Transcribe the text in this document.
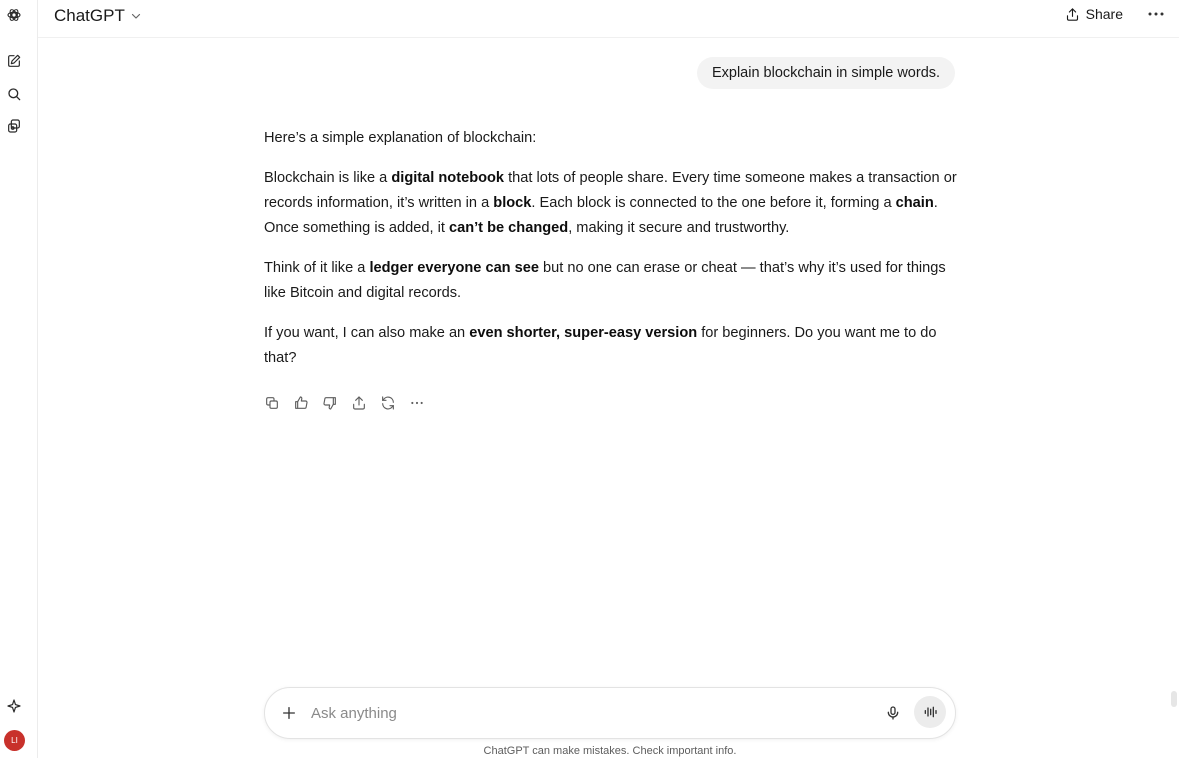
LI
ChatGPT	Share
Explain blockchain in simple words.

Here’s a simple explanation of blockchain:

Blockchain is like a digital notebook that lots of people share. Every time someone makes a transaction or records information, it’s written in a block. Each block is connected to the one before it, forming a chain. Once something is added, it can’t be changed, making it secure and trustworthy.

Think of it like a ledger everyone can see but no one can erase or cheat — that’s why it’s used for things like Bitcoin and digital records.

If you want, I can also make an even shorter, super-easy version for beginners. Do you want me to do that?

Ask anything
ChatGPT can make mistakes. Check important info.
